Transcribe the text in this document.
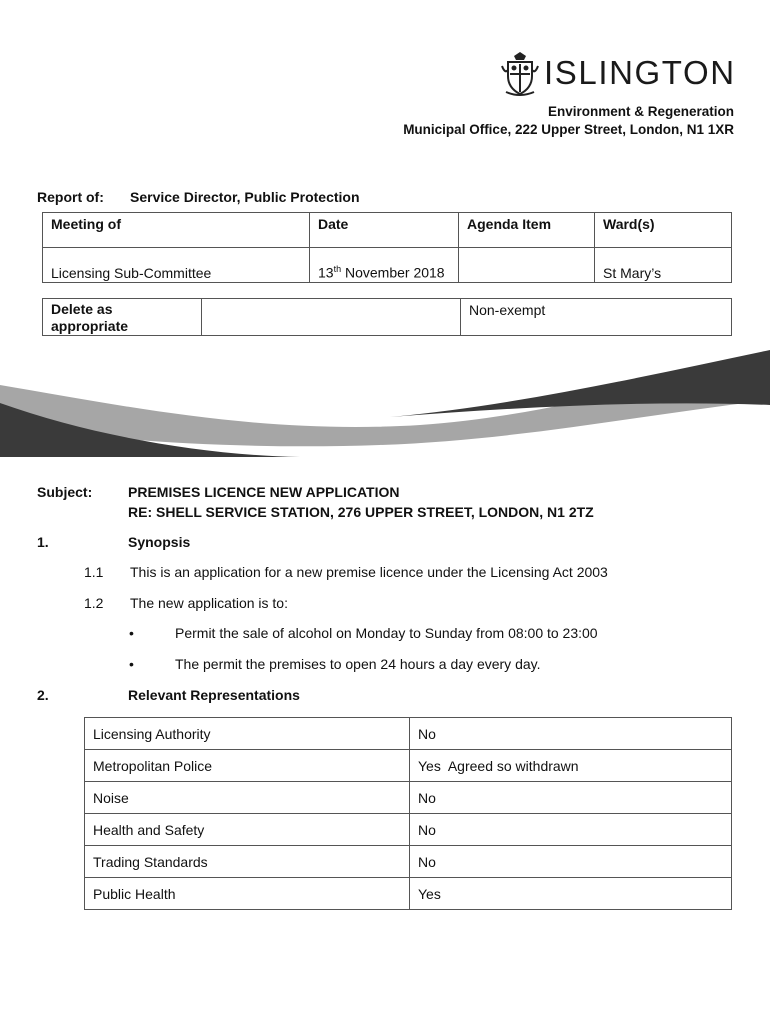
ISLINGTON
Environment & Regeneration
Municipal Office, 222 Upper Street, London, N1 1XR
Report of: Service Director, Public Protection
Meeting of	Date	Agenda Item	Ward(s)
Licensing Sub-Committee	13th November 2018		St Mary’s
Delete as appropriate		Non-exempt
Subject:	PREMISES LICENCE NEW APPLICATION
RE: SHELL SERVICE STATION, 276 UPPER STREET, LONDON, N1 2TZ
1.	Synopsis
1.1 This is an application for a new premise licence under the Licensing Act 2003
1.2 The new application is to:
•	Permit the sale of alcohol on Monday to Sunday from 08:00 to 23:00
•	The permit the premises to open 24 hours a day every day.
2.	Relevant Representations
Licensing Authority	No
Metropolitan Police	Yes  Agreed so withdrawn
Noise	No
Health and Safety	No
Trading Standards	No
Public Health	Yes
